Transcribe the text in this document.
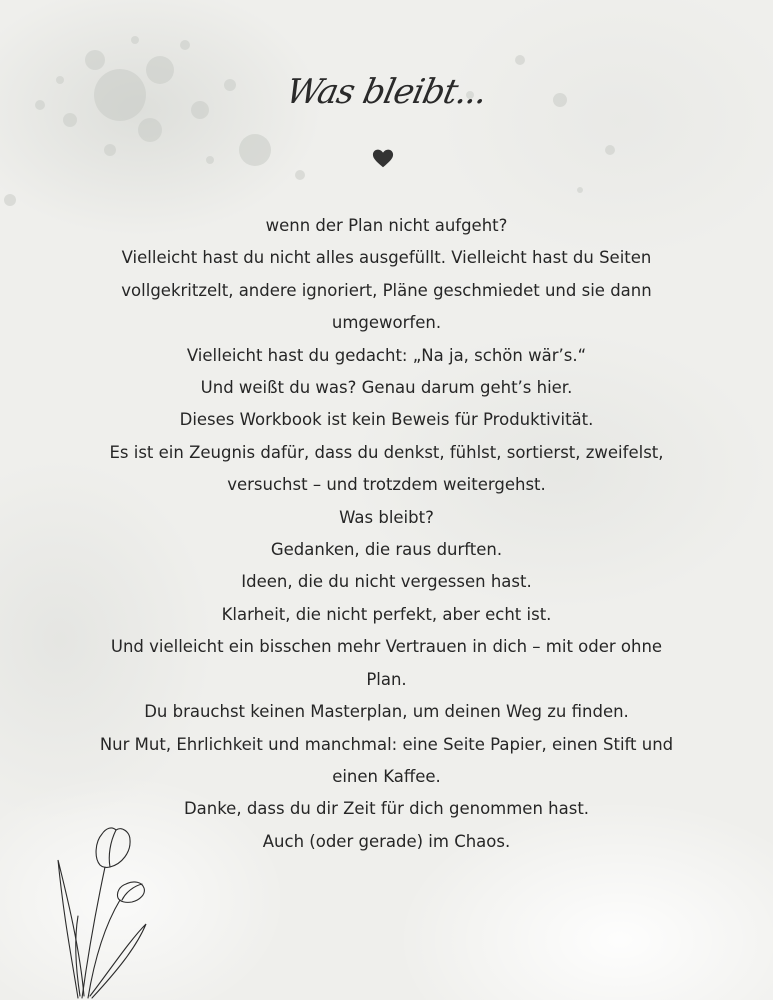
Was bleibt...
wenn der Plan nicht aufgeht?
Vielleicht hast du nicht alles ausgefüllt. Vielleicht hast du Seiten
vollgekritzelt, andere ignoriert, Pläne geschmiedet und sie dann
umgeworfen.
Vielleicht hast du gedacht: „Na ja, schön wär’s.“
Und weißt du was? Genau darum geht’s hier.
Dieses Workbook ist kein Beweis für Produktivität.
Es ist ein Zeugnis dafür, dass du denkst, fühlst, sortierst, zweifelst,
versuchst – und trotzdem weitergehst.
Was bleibt?
Gedanken, die raus durften.
Ideen, die du nicht vergessen hast.
Klarheit, die nicht perfekt, aber echt ist.
Und vielleicht ein bisschen mehr Vertrauen in dich – mit oder ohne
Plan.
Du brauchst keinen Masterplan, um deinen Weg zu finden.
Nur Mut, Ehrlichkeit und manchmal: eine Seite Papier, einen Stift und
einen Kaffee.
Danke, dass du dir Zeit für dich genommen hast.
Auch (oder gerade) im Chaos.
